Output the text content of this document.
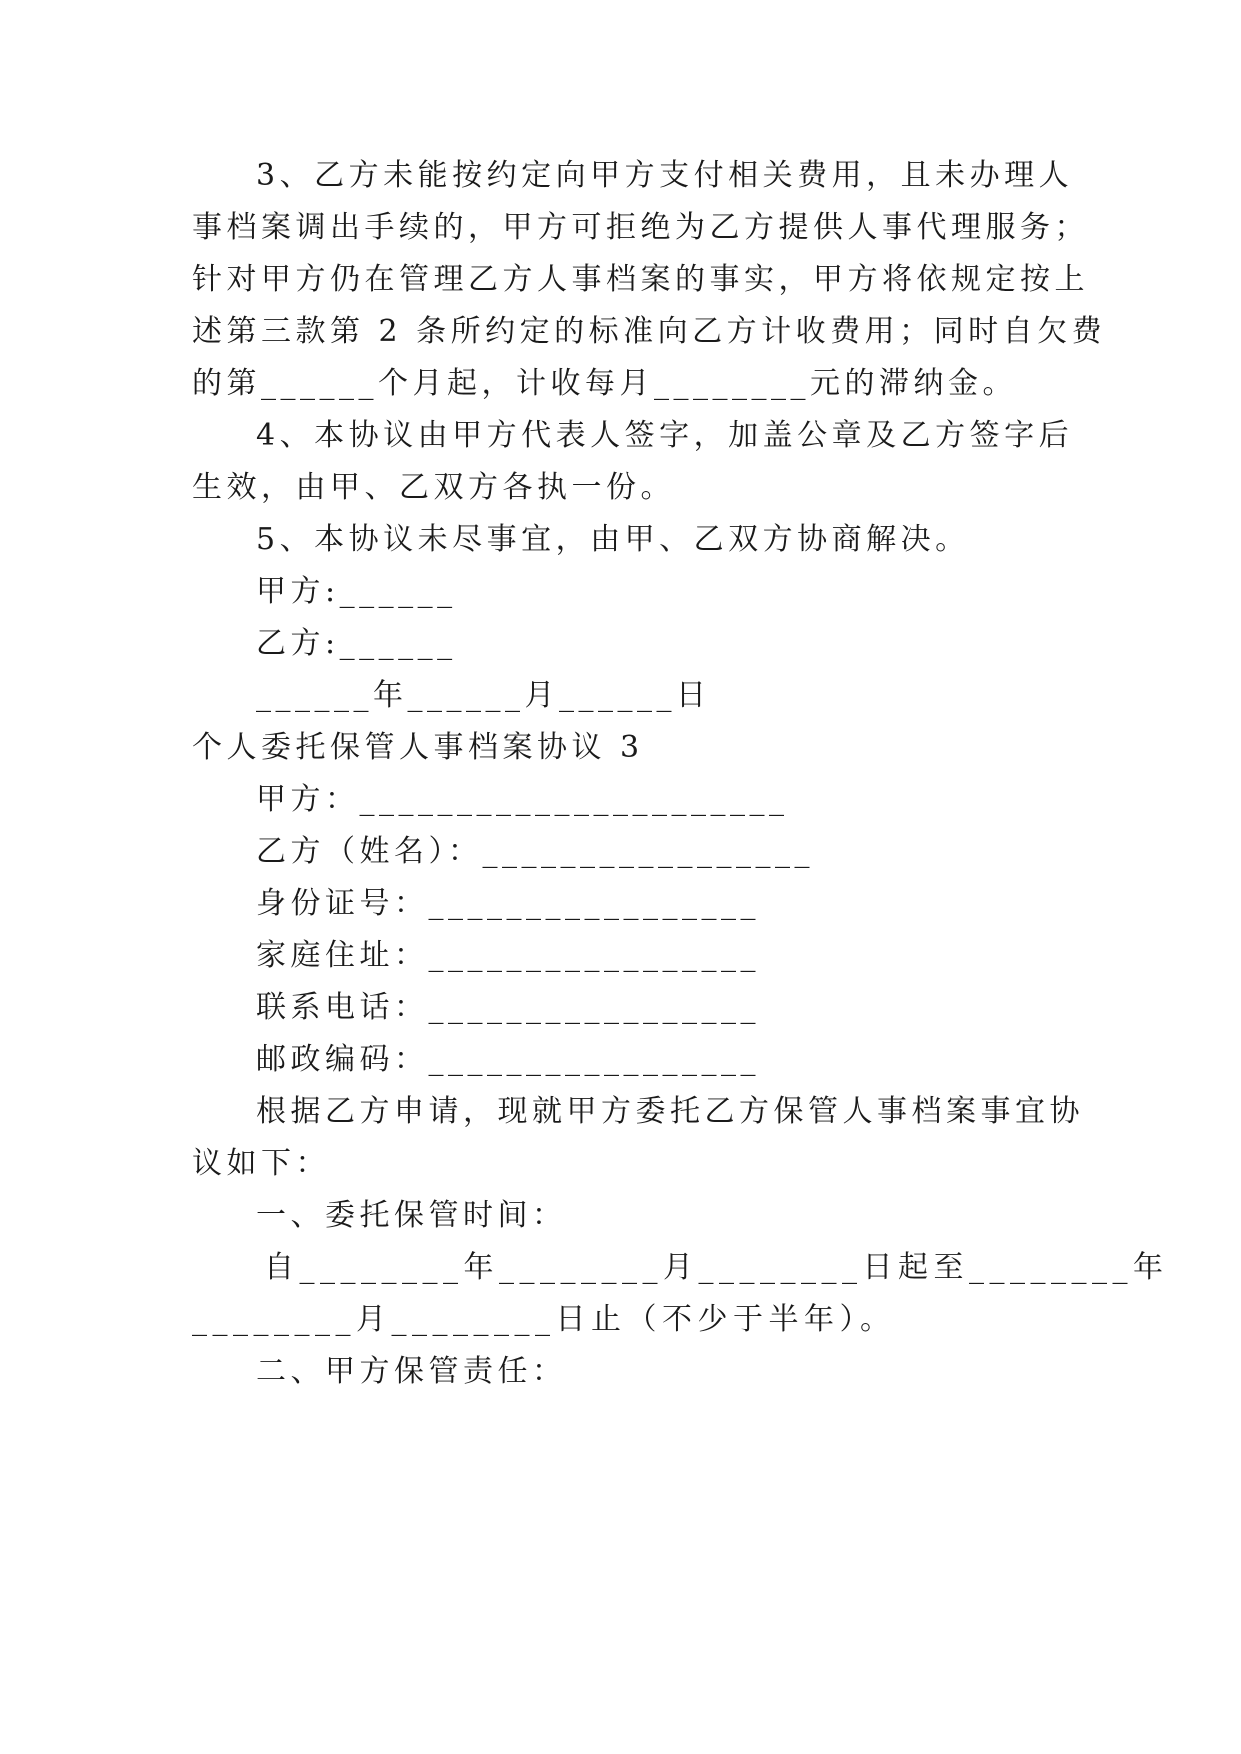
3、乙方未能按约定向甲方支付相关费用，且未办理人
事档案调出手续的，甲方可拒绝为乙方提供人事代理服务；
针对甲方仍在管理乙方人事档案的事实，甲方将依规定按上
述第三款第 2 条所约定的标准向乙方计收费用；同时自欠费
的第______个月起，计收每月________元的滞纳金。
4、本协议由甲方代表人签字，加盖公章及乙方签字后
生效，由甲、乙双方各执一份。
5、本协议未尽事宜，由甲、乙双方协商解决。
甲方:______
乙方:______
______年______月______日
个人委托保管人事档案协议 3
甲方：______________________
乙方（姓名）：_________________
身份证号：_________________
家庭住址：_________________
联系电话：_________________
邮政编码：_________________
根据乙方申请，现就甲方委托乙方保管人事档案事宜协
议如下：
一、委托保管时间：
自________年________月________日起至________年
________月________日止（不少于半年）。
二、甲方保管责任：
